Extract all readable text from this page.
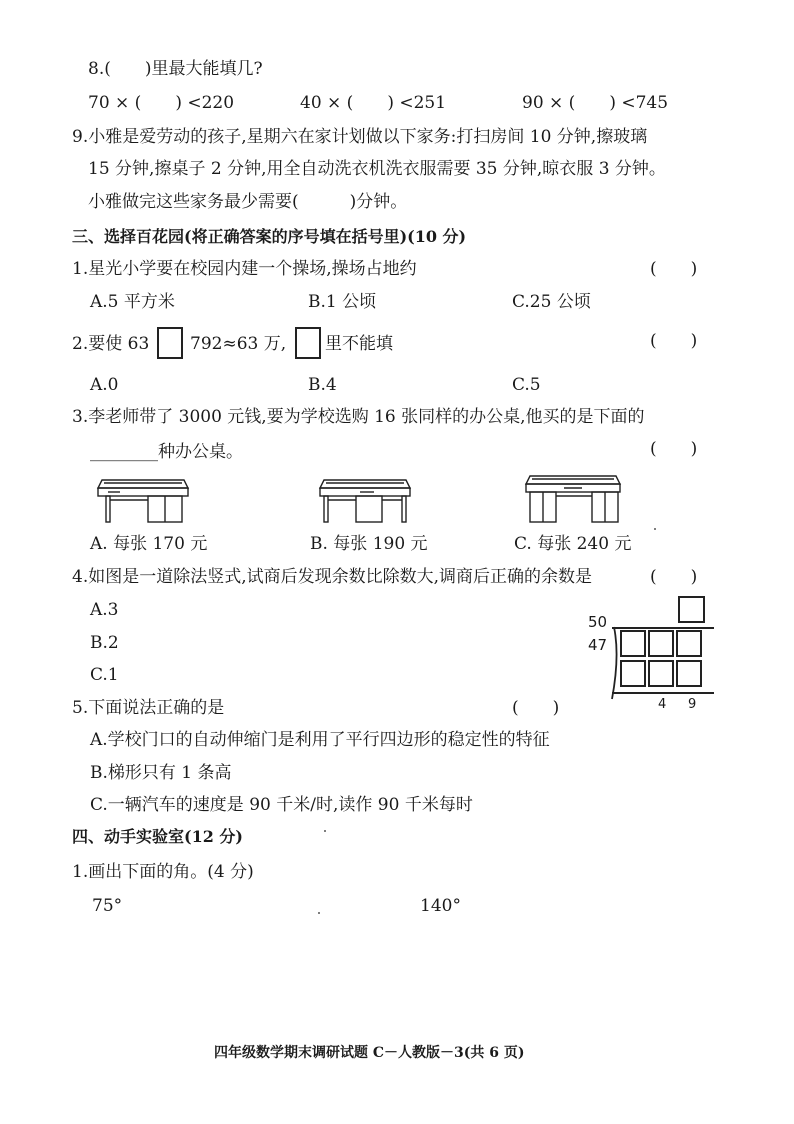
8.(　　)里最大能填几?
70 × (　　) <220	40 × (　　) <251	90 × (　　) <745
9.小雅是爱劳动的孩子,星期六在家计划做以下家务:打扫房间 10 分钟,擦玻璃
15 分钟,擦桌子 2 分钟,用全自动洗衣机洗衣服需要 35 分钟,晾衣服 3 分钟。
小雅做完这些家务最少需要(　　　)分钟。
三、选择百花园(将正确答案的序号填在括号里)(10 分)
1.星光小学要在校园内建一个操场,操场占地约	(　　)
A.5 平方米	B.1 公顷	C.25 公顷
2.要使 63 792≈63 万, 里不能填	(　　)
A.0	B.4	C.5
3.李老师带了 3000 元钱,要为学校选购 16 张同样的办公桌,他买的是下面的
________种办公桌。	(　　)
A. 每张 170 元	B. 每张 190 元	C. 每张 240 元
4.如图是一道除法竖式,试商后发现余数比除数大,调商后正确的余数是	(　　)
A.3
B.2
C.1
50
47
4 9
5.下面说法正确的是	(　　)
A.学校门口的自动伸缩门是利用了平行四边形的稳定性的特征
B.梯形只有 1 条高
C.一辆汽车的速度是 90 千米/时,读作 90 千米每时
四、动手实验室(12 分)
1.画出下面的角。(4 分)
75°	140°
四年级数学期末调研试题 C－人教版－3(共 6 页)
